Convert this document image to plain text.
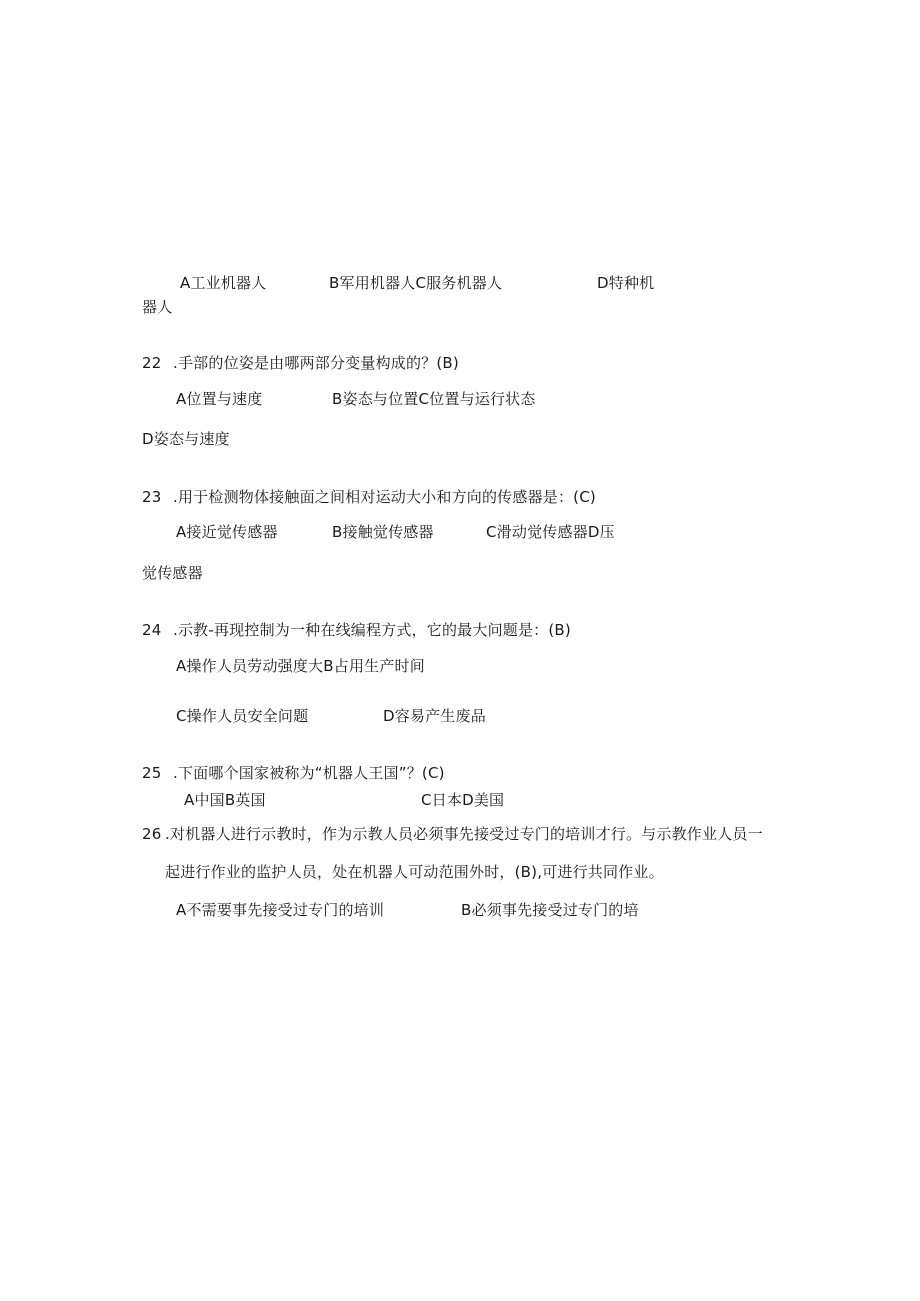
A工业机器人	B军用机器人C服务机器人	D特种机
器人
22 .手部的位姿是由哪两部分变量构成的？(B)
A位置与速度	B姿态与位置C位置与运行状态
D姿态与速度
23 .用于检测物体接触面之间相对运动大小和方向的传感器是：(C)
A接近觉传感器	B接触觉传感器	C滑动觉传感器D压
觉传感器
24 .示教-再现控制为一种在线编程方式，它的最大问题是：(B)
A操作人员劳动强度大B占用生产时间
C操作人员安全问题	D容易产生废品
25 .下面哪个国家被称为“机器人王国”？(C)
A中国B英国	C日本D美国
26 .对机器人进行示教时，作为示教人员必须事先接受过专门的培训才行。与示教作业人员一
起进行作业的监护人员，处在机器人可动范围外时，(B),可进行共同作业。
A不需要事先接受过专门的培训	B必须事先接受过专门的培
